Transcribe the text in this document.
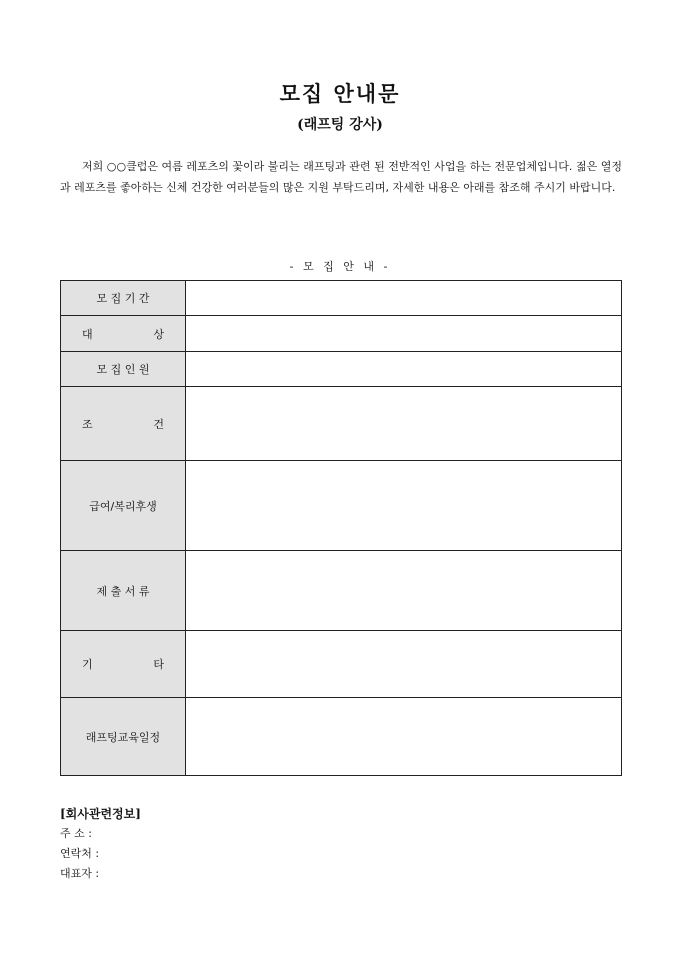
모집 안내문
(래프팅 강사)
저희 ○○클럽은 여름 레포츠의 꽃이라 불리는 래프팅과 관련 된 전반적인 사업을 하는 전문업체입니다. 젊은 열정과 레포츠를 좋아하는 신체 건강한 여러분들의 많은 지원 부탁드리며, 자세한 내용은 아래를 참조해 주시기 바랍니다.
- 모 집 안 내 -
모 집 기 간	

대 상	

모 집 인 원	

조 건	

급여/복리후생	
제 출 서 류	

기 타	

래프팅교육일정	
[회사관련정보]
주 소 :
연락처 :
대표자 :
